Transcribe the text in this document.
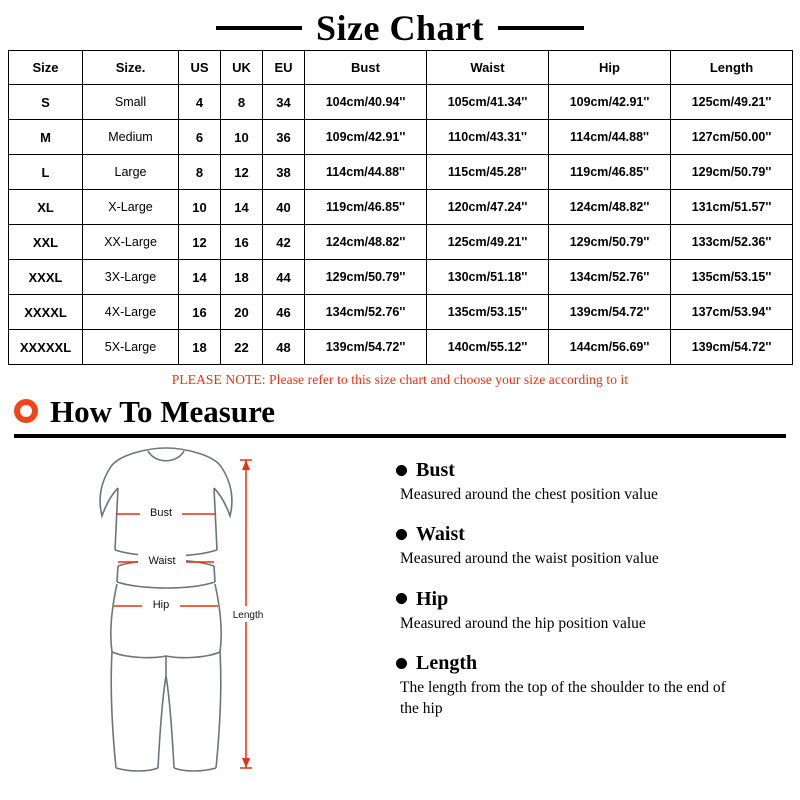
Size Chart
Size	Size.	US	UK	EU	Bust	Waist	Hip	Length
S	Small	4	8	34	104cm/40.94''	105cm/41.34''	109cm/42.91''	125cm/49.21''
M	Medium	6	10	36	109cm/42.91''	110cm/43.31''	114cm/44.88''	127cm/50.00''
L	Large	8	12	38	114cm/44.88''	115cm/45.28''	119cm/46.85''	129cm/50.79''
XL	X-Large	10	14	40	119cm/46.85''	120cm/47.24''	124cm/48.82''	131cm/51.57''
XXL	XX-Large	12	16	42	124cm/48.82''	125cm/49.21''	129cm/50.79''	133cm/52.36''
XXXL	3X-Large	14	18	44	129cm/50.79''	130cm/51.18''	134cm/52.76''	135cm/53.15''
XXXXL	4X-Large	16	20	46	134cm/52.76''	135cm/53.15''	139cm/54.72''	137cm/53.94''
XXXXXL	5X-Large	18	22	48	139cm/54.72''	140cm/55.12''	144cm/56.69''	139cm/54.72''
PLEASE NOTE: Please refer to this size chart and choose your size according to it
How To Measure
Bust
Waist
Hip
Length
Bust
Measured around the chest position value
Waist
Measured around the waist position value
Hip
Measured around the hip position value
Length
The length from the top of the shoulder to the end of the hip
